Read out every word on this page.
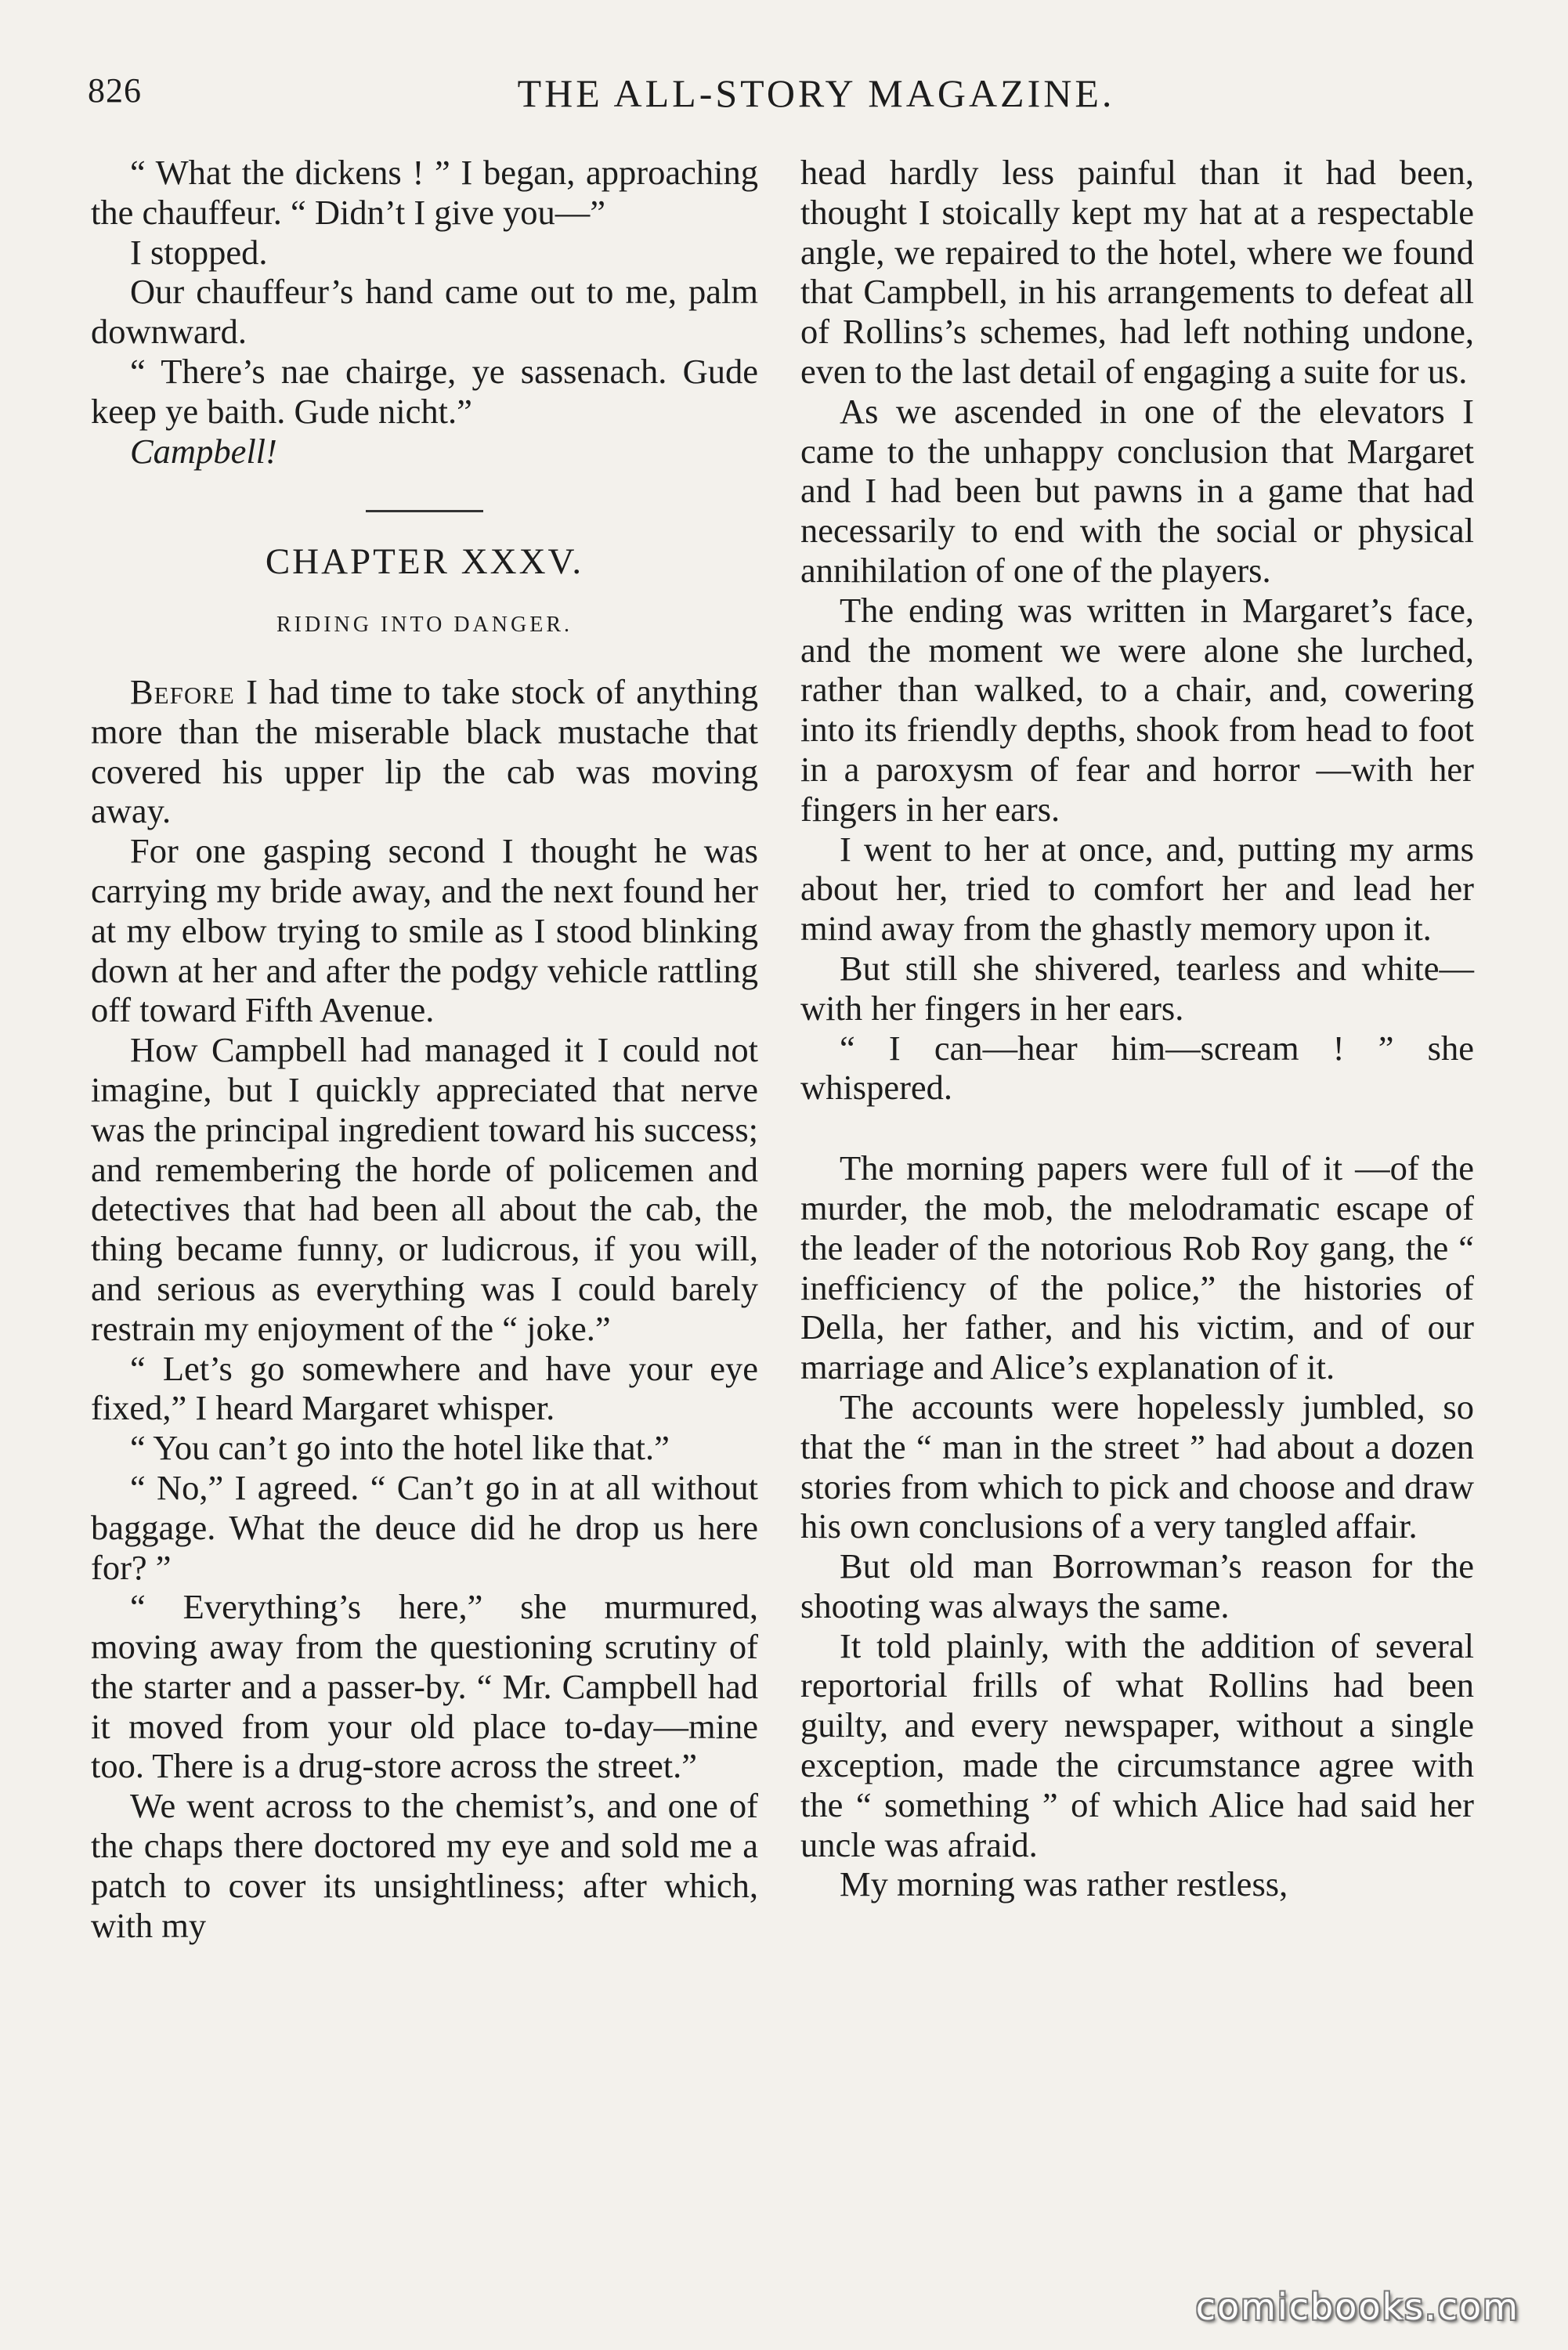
826	THE ALL-STORY MAGAZINE.

“ What the dickens ! ” I began, approaching the chauffeur. “ Didn’t I give you—”

I stopped.

Our chauffeur’s hand came out to me, palm downward.

“ There’s nae chairge, ye sassenach. Gude keep ye baith. Gude nicht.”

Campbell!

CHAPTER XXXV.
RIDING INTO DANGER.

Before I had time to take stock of anything more than the miserable black mustache that covered his upper lip the cab was moving away.

For one gasping second I thought he was carrying my bride away, and the next found her at my elbow trying to smile as I stood blinking down at her and after the podgy vehicle rattling off toward Fifth Avenue.

How Campbell had managed it I could not imagine, but I quickly appreciated that nerve was the principal ingredient toward his success; and remembering the horde of policemen and detectives that had been all about the cab, the thing became funny, or ludicrous, if you will, and serious as everything was I could barely restrain my enjoyment of the “ joke.”

“ Let’s go somewhere and have your eye fixed,” I heard Margaret whisper.

“ You can’t go into the hotel like that.”

“ No,” I agreed. “ Can’t go in at all without baggage. What the deuce did he drop us here for? ”

“ Everything’s here,” she murmured, moving away from the questioning scrutiny of the starter and a passer-by. “ Mr. Campbell had it moved from your old place to-day—mine too. There is a drug-store across the street.”

We went across to the chemist’s, and one of the chaps there doctored my eye and sold me a patch to cover its unsightliness; after which, with my

head hardly less painful than it had been, thought I stoically kept my hat at a respectable angle, we repaired to the hotel, where we found that Campbell, in his arrangements to defeat all of Rollins’s schemes, had left nothing undone, even to the last detail of engaging a suite for us.

As we ascended in one of the elevators I came to the unhappy conclusion that Margaret and I had been but pawns in a game that had necessarily to end with the social or physical annihilation of one of the players.

The ending was written in Margaret’s face, and the moment we were alone she lurched, rather than walked, to a chair, and, cowering into its friendly depths, shook from head to foot in a paroxysm of fear and horror —with her fingers in her ears.

I went to her at once, and, putting my arms about her, tried to comfort her and lead her mind away from the ghastly memory upon it.

But still she shivered, tearless and white—with her fingers in her ears.

“ I can—hear him—scream ! ” she whispered.

The morning papers were full of it —of the murder, the mob, the melodramatic escape of the leader of the notorious Rob Roy gang, the “ inefficiency of the police,” the histories of Della, her father, and his victim, and of our marriage and Alice’s explanation of it.

The accounts were hopelessly jumbled, so that the “ man in the street ” had about a dozen stories from which to pick and choose and draw his own conclusions of a very tangled affair.

But old man Borrowman’s reason for the shooting was always the same.

It told plainly, with the addition of several reportorial frills of what Rollins had been guilty, and every newspaper, without a single exception, made the circumstance agree with the “ something ” of which Alice had said her uncle was afraid.

My morning was rather restless,

comicbooks.com
